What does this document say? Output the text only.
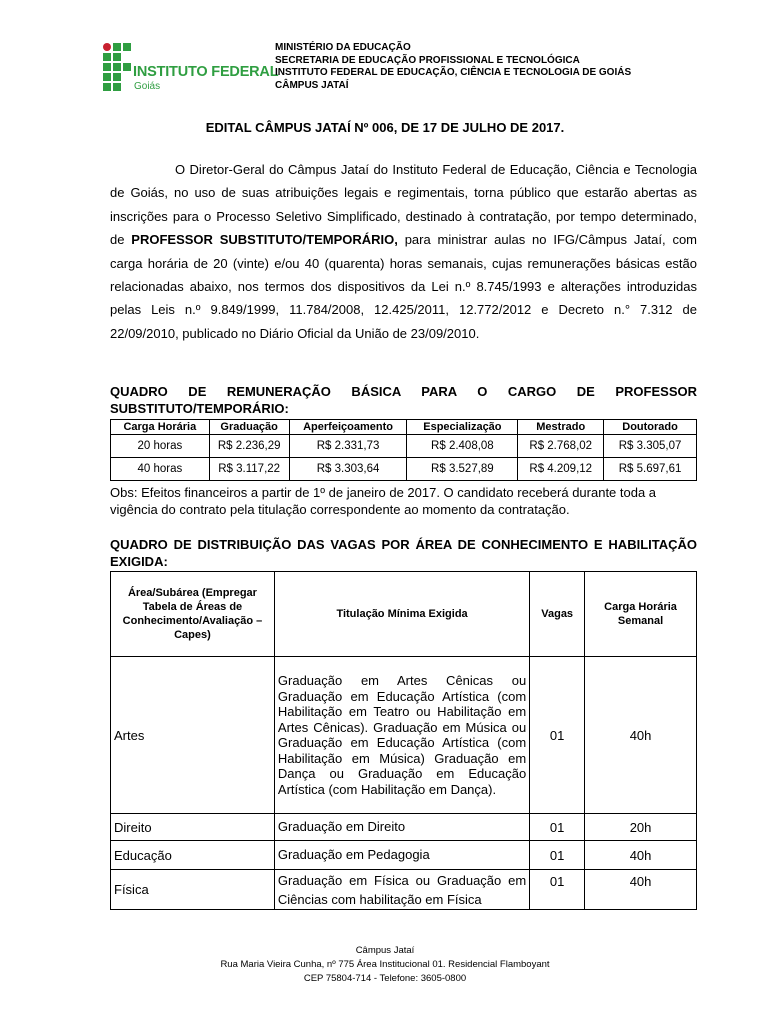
INSTITUTO FEDERAL
Goiás
MINISTÉRIO DA EDUCAÇÃO
SECRETARIA DE EDUCAÇÃO PROFISSIONAL E TECNOLÓGICA
INSTITUTO FEDERAL DE EDUCAÇÃO, CIÊNCIA E TECNOLOGIA DE GOIÁS
CÂMPUS JATAÍ
EDITAL CÂMPUS JATAÍ Nº 006, DE 17 DE JULHO DE 2017.

O Diretor-Geral do Câmpus Jataí do Instituto Federal de Educação, Ciência e Tecnologia de Goiás, no uso de suas atribuições legais e regimentais, torna público que estarão abertas as inscrições para o Processo Seletivo Simplificado, destinado à contratação, por tempo determinado, de PROFESSOR SUBSTITUTO/TEMPORÁRIO, para ministrar aulas no IFG/Câmpus Jataí, com carga horária de 20 (vinte) e/ou 40 (quarenta) horas semanais, cujas remunerações básicas estão relacionadas abaixo, nos termos dos dispositivos da Lei n.º 8.745/1993 e alterações introduzidas pelas Leis n.º 9.849/1999, 11.784/2008, 12.425/2011, 12.772/2012 e Decreto n.° 7.312 de 22/09/2010, publicado no Diário Oficial da União de 23/09/2010.

QUADRO DE REMUNERAÇÃO BÁSICA PARA O CARGO DE PROFESSOR SUBSTITUTO/TEMPORÁRIO:
Carga Horária	Graduação	Aperfeiçoamento	Especialização	Mestrado	Doutorado
20 horas	R$ 2.236,29	R$ 2.331,73	R$ 2.408,08	R$ 2.768,02	R$ 3.305,07
40 horas	R$ 3.117,22	R$ 3.303,64	R$ 3.527,89	R$ 4.209,12	R$ 5.697,61
Obs: Efeitos financeiros a partir de 1º de janeiro de 2017. O candidato receberá durante toda a vigência do contrato pela titulação correspondente ao momento da contratação.
QUADRO DE DISTRIBUIÇÃO DAS VAGAS POR ÁREA DE CONHECIMENTO E HABILITAÇÃO EXIGIDA:
Área/Subárea (Empregar Tabela de Áreas de Conhecimento/Avaliação – Capes)	Titulação Mínima Exigida	Vagas	Carga Horária Semanal
Artes	Graduação em Artes Cênicas ou Graduação em Educação Artística (com Habilitação em Teatro ou Habilitação em Artes Cênicas). Graduação em Música ou Graduação em Educação Artística (com Habilitação em Música) Graduação em Dança ou Graduação em Educação Artística (com Habilitação em Dança).	01	40h
Direito	Graduação em Direito	01	20h
Educação	Graduação em Pedagogia	01	40h
Física	Graduação em Física ou Graduação em Ciências com habilitação em Física	01	40h
Câmpus Jataí
Rua Maria Vieira Cunha, nº 775 Área Institucional 01. Residencial Flamboyant
CEP 75804-714 - Telefone: 3605-0800
